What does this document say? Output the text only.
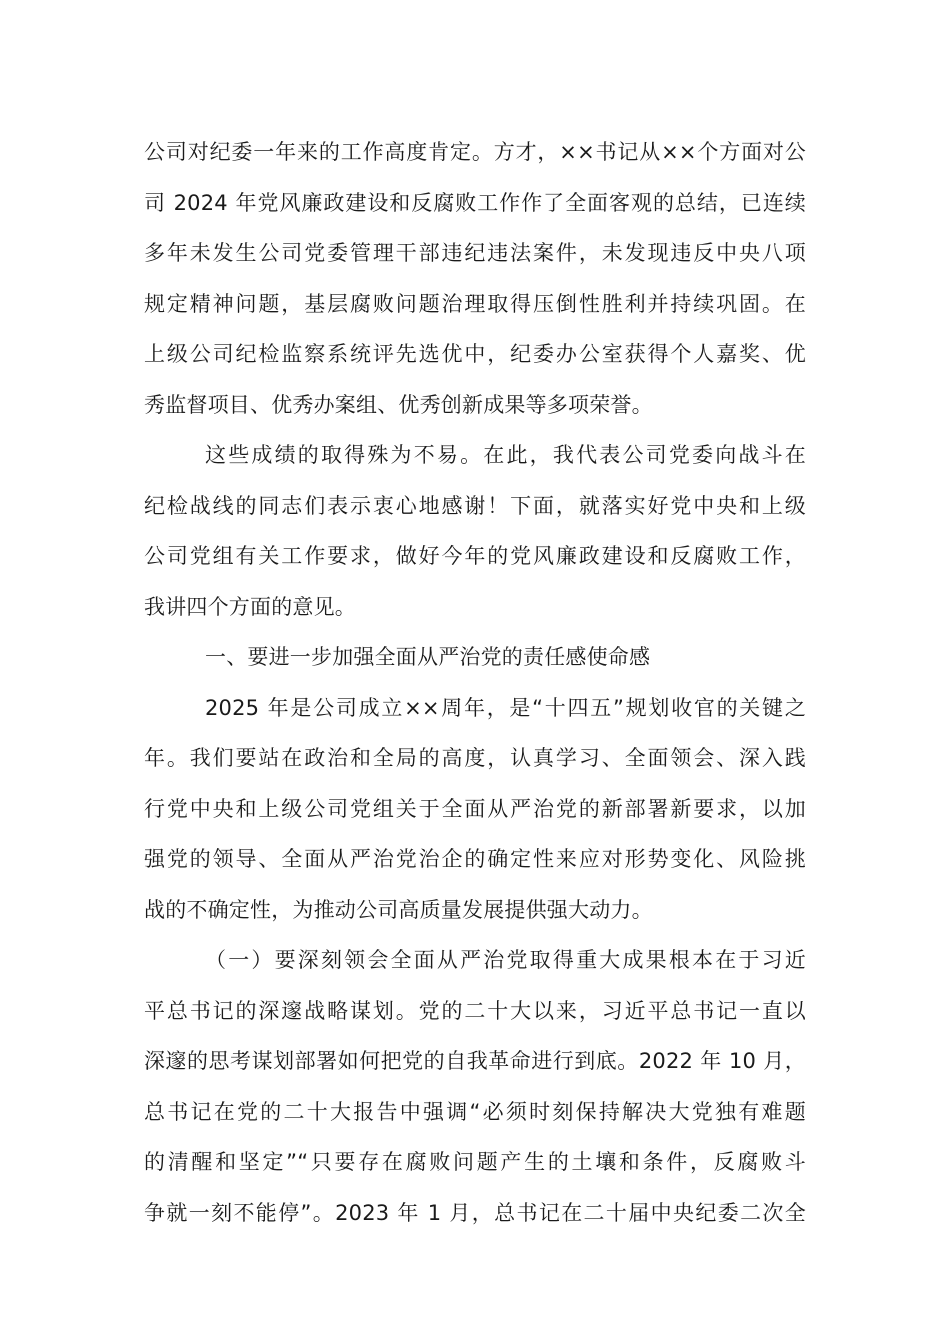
公司对纪委一年来的工作高度肯定。方才，××书记从××个方面对公
司 2024 年党风廉政建设和反腐败工作作了全面客观的总结，已连续
多年未发生公司党委管理干部违纪违法案件，未发现违反中央八项
规定精神问题，基层腐败问题治理取得压倒性胜利并持续巩固。在
上级公司纪检监察系统评先选优中，纪委办公室获得个人嘉奖、优
秀监督项目、优秀办案组、优秀创新成果等多项荣誉。
这些成绩的取得殊为不易。在此，我代表公司党委向战斗在
纪检战线的同志们表示衷心地感谢！下面，就落实好党中央和上级
公司党组有关工作要求，做好今年的党风廉政建设和反腐败工作，
我讲四个方面的意见。
一、要进一步加强全面从严治党的责任感使命感
2025 年是公司成立××周年，是“十四五”规划收官的关键之
年。我们要站在政治和全局的高度，认真学习、全面领会、深入践
行党中央和上级公司党组关于全面从严治党的新部署新要求，以加
强党的领导、全面从严治党治企的确定性来应对形势变化、风险挑
战的不确定性，为推动公司高质量发展提供强大动力。
（一）要深刻领会全面从严治党取得重大成果根本在于习近
平总书记的深邃战略谋划。党的二十大以来，习近平总书记一直以
深邃的思考谋划部署如何把党的自我革命进行到底。2022 年 10 月，
总书记在党的二十大报告中强调“必须时刻保持解决大党独有难题
的清醒和坚定”“只要存在腐败问题产生的土壤和条件，反腐败斗
争就一刻不能停”。2023 年 1 月，总书记在二十届中央纪委二次全
